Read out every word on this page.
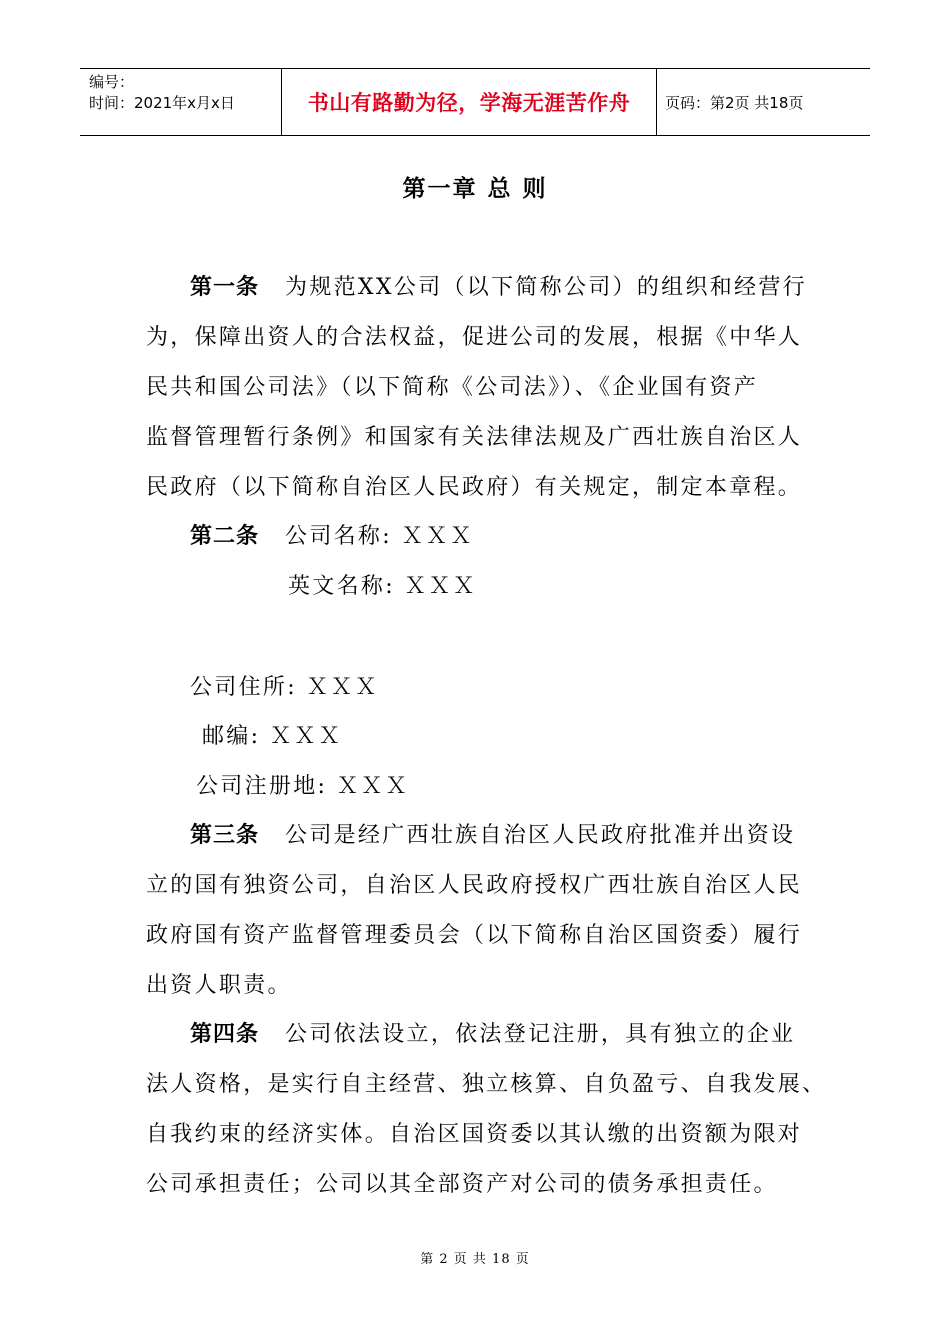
编号：
时间：2021年x月x日	书山有路勤为径，学海无涯苦作舟	页码：第2页 共18页
第一章 总 则
第一条 为规范XX公司（以下简称公司）的组织和经营行
为，保障出资人的合法权益，促进公司的发展，根据《中华人
民共和国公司法》（以下简称《公司法》）、《企业国有资产
监督管理暂行条例》和国家有关法律法规及广西壮族自治区人
民政府（以下简称自治区人民政府）有关规定，制定本章程。
第二条 公司名称: ＸＸＸ
英文名称: ＸＸＸ
公司住所: ＸＸＸ
邮编: ＸＸＸ
公司注册地: ＸＸＸ
第三条 公司是经广西壮族自治区人民政府批准并出资设
立的国有独资公司，自治区人民政府授权广西壮族自治区人民
政府国有资产监督管理委员会（以下简称自治区国资委）履行
出资人职责。
第四条 公司依法设立，依法登记注册，具有独立的企业
法人资格，是实行自主经营、独立核算、自负盈亏、自我发展、
自我约束的经济实体。自治区国资委以其认缴的出资额为限对
公司承担责任；公司以其全部资产对公司的债务承担责任。
第 2 页 共 18 页
